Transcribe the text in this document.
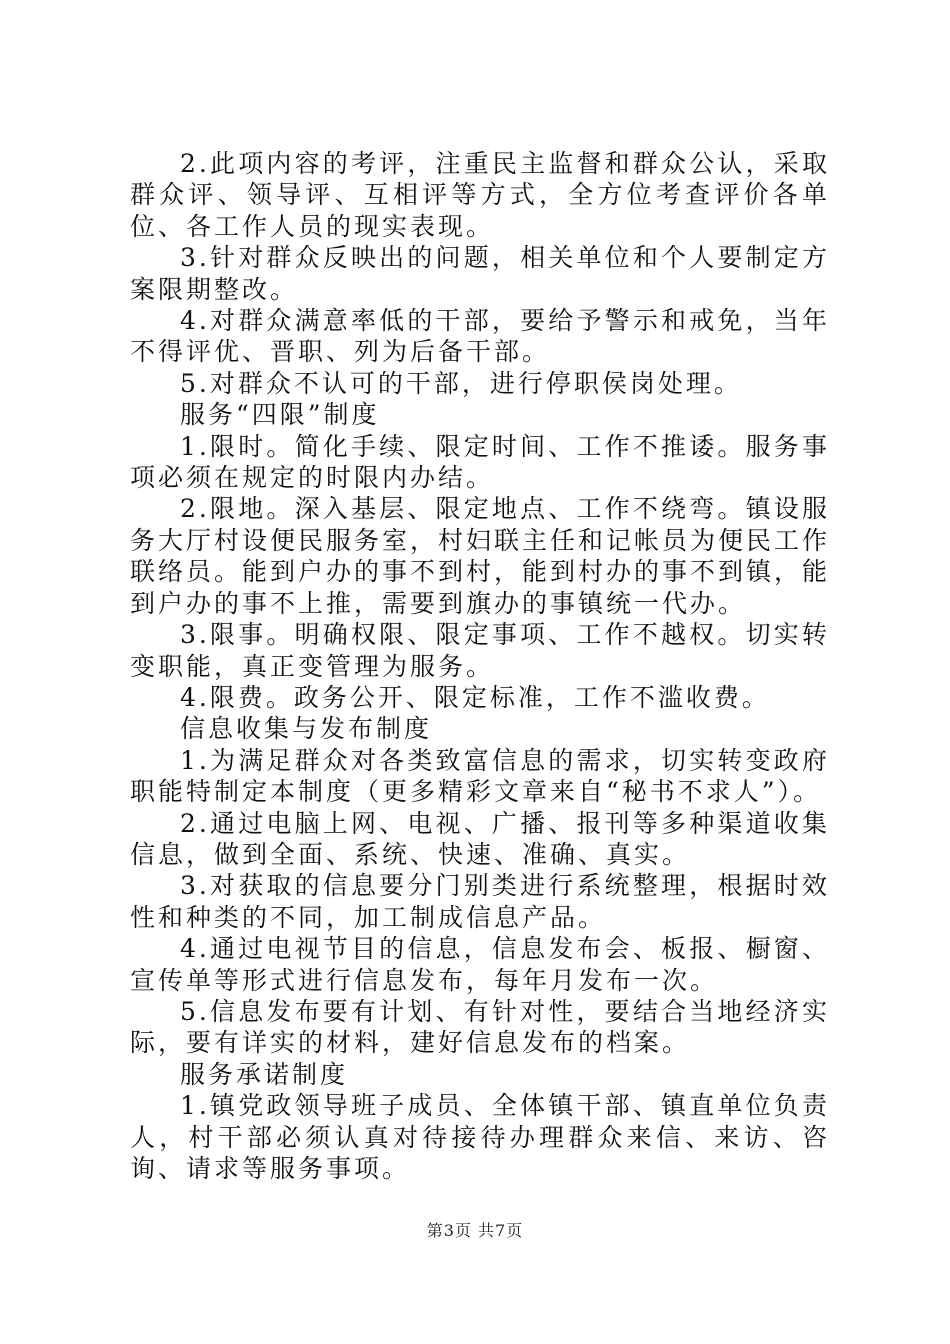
2.此项内容的考评，注重民主监督和群众公认，采取群众评、领导评、互相评等方式，全方位考查评价各单位、各工作人员的现实表现。

3.针对群众反映出的问题，相关单位和个人要制定方案限期整改。

4.对群众满意率低的干部，要给予警示和戒免，当年不得评优、晋职、列为后备干部。

5.对群众不认可的干部，进行停职侯岗处理。

服务“四限”制度

1.限时。简化手续、限定时间、工作不推诿。服务事项必须在规定的时限内办结。

2.限地。深入基层、限定地点、工作不绕弯。镇设服务大厅村设便民服务室，村妇联主任和记帐员为便民工作联络员。能到户办的事不到村，能到村办的事不到镇，能到户办的事不上推，需要到旗办的事镇统一代办。

3.限事。明确权限、限定事项、工作不越权。切实转变职能，真正变管理为服务。

4.限费。政务公开、限定标准，工作不滥收费。

信息收集与发布制度

1.为满足群众对各类致富信息的需求，切实转变政府职能特制定本制度（更多精彩文章来自“秘书不求人”）。

2.通过电脑上网、电视、广播、报刊等多种渠道收集信息，做到全面、系统、快速、准确、真实。

3.对获取的信息要分门别类进行系统整理，根据时效性和种类的不同，加工制成信息产品。

4.通过电视节目的信息，信息发布会、板报、橱窗、宣传单等形式进行信息发布，每年月发布一次。

5.信息发布要有计划、有针对性，要结合当地经济实际，要有详实的材料，建好信息发布的档案。

服务承诺制度

1.镇党政领导班子成员、全体镇干部、镇直单位负责人，村干部必须认真对待接待办理群众来信、来访、咨询、请求等服务事项。

第3页 共7页
